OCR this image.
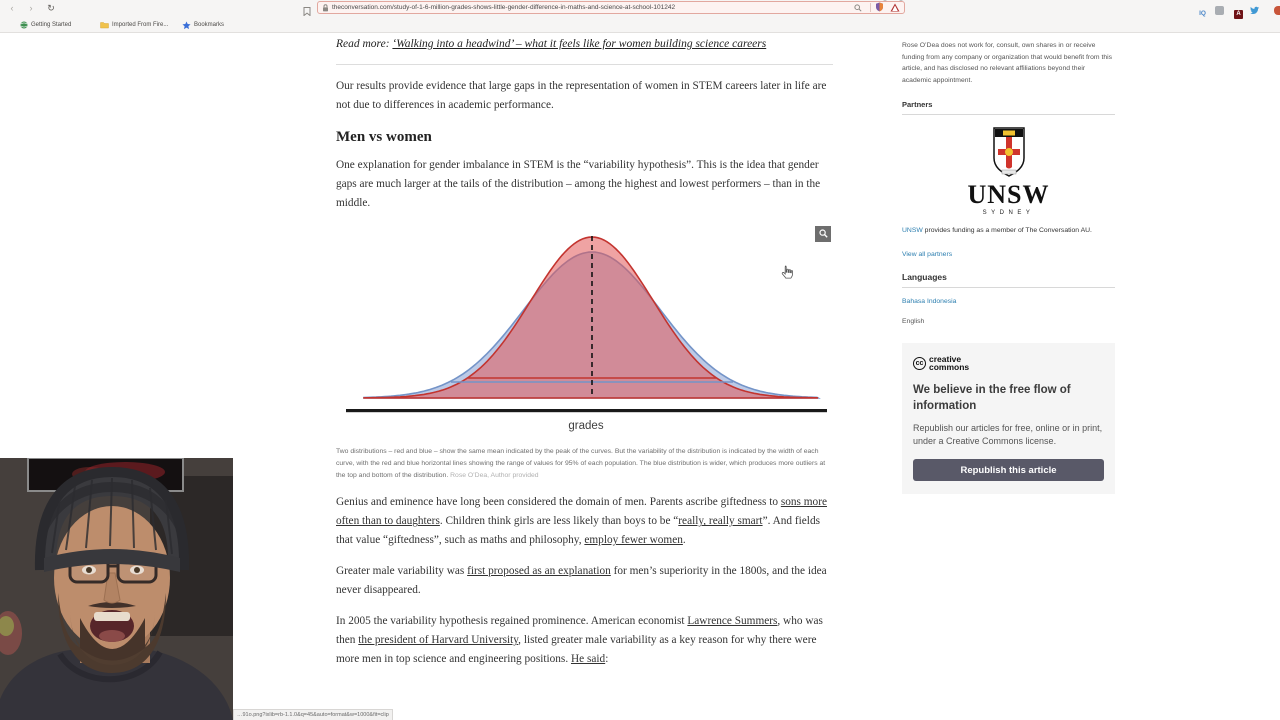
‹	›	↻	theconversation.com/study-of-1-6-million-grades-shows-little-gender-difference-in-maths-and-science-at-school-101242
IQ	A
Getting Started	Imported From Fire...	Bookmarks
Read more: ‘Walking into a headwind’ – what it feels like for women building science careers

Our results provide evidence that large gaps in the representation of women in STEM careers later in life are not due to differences in academic performance.

Men vs women

One explanation for gender imbalance in STEM is the “variability hypothesis”. This is the idea that gender gaps are much larger at the tails of the distribution – among the highest and lowest performers – than in the middle.

grades
Two distributions – red and blue – show the same mean indicated by the peak of the curves. But the variability of the distribution is indicated by the width of each curve, with the red and blue horizontal lines showing the range of values for 95% of each population. The blue distribution is wider, which produces more outliers at the top and bottom of the distribution. Rose O’Dea, Author provided

Genius and eminence have long been considered the domain of men. Parents ascribe giftedness to sons more often than to daughters. Children think girls are less likely than boys to be “really, really smart”. And fields that value “giftedness”, such as maths and philosophy, employ fewer women.

Greater male variability was first proposed as an explanation for men’s superiority in the 1800s, and the idea never disappeared.

In 2005 the variability hypothesis regained prominence. American economist Lawrence Summers, who was then the president of Harvard University, listed greater male variability as a key reason for why there were more men in top science and engineering positions. He said:

Rose O’Dea does not work for, consult, own shares in or receive funding from any company or organization that would benefit from this article, and has disclosed no relevant affiliations beyond their academic appointment.
Partners
UNSW
SYDNEY
UNSW provides funding as a member of The Conversation AU.
View all partners
Languages
Bahasa Indonesia
English
cc creative
commons
We believe in the free flow of information
Republish our articles for free, online or in print, under a Creative Commons license.
Republish this article
…91o.png?ixlib=rb-1.1.0&q=45&auto=format&w=1000&fit=clip
